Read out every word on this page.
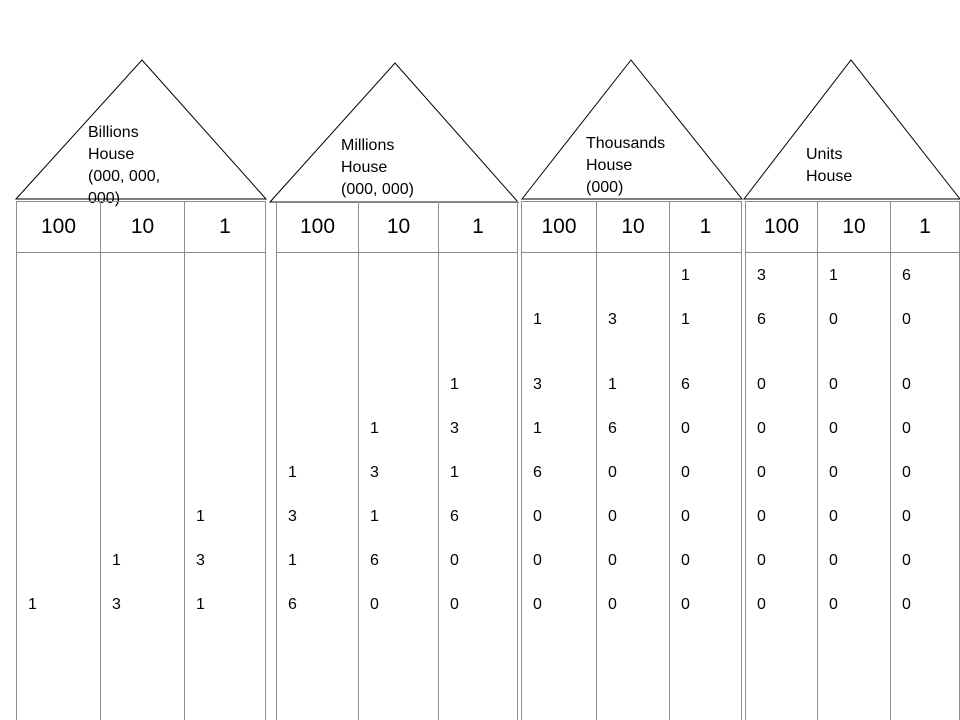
Billions
House
(000, 000,
000)
Millions
House
(000, 000)
Thousands
House
(000)
Units
House
100
1
10
1
3
1
1
3
1
100
1
3
1
6
10
1
3
1
6
0
1
1
3
1
6
0
0
100
1
3
1
6
0
0
0
10
3
1
6
0
0
0
0
1
1
1
6
0
0
0
0
0
100
3
6
0
0
0
0
0
0
10
1
0
0
0
0
0
0
0
1
6
0
0
0
0
0
0
0
